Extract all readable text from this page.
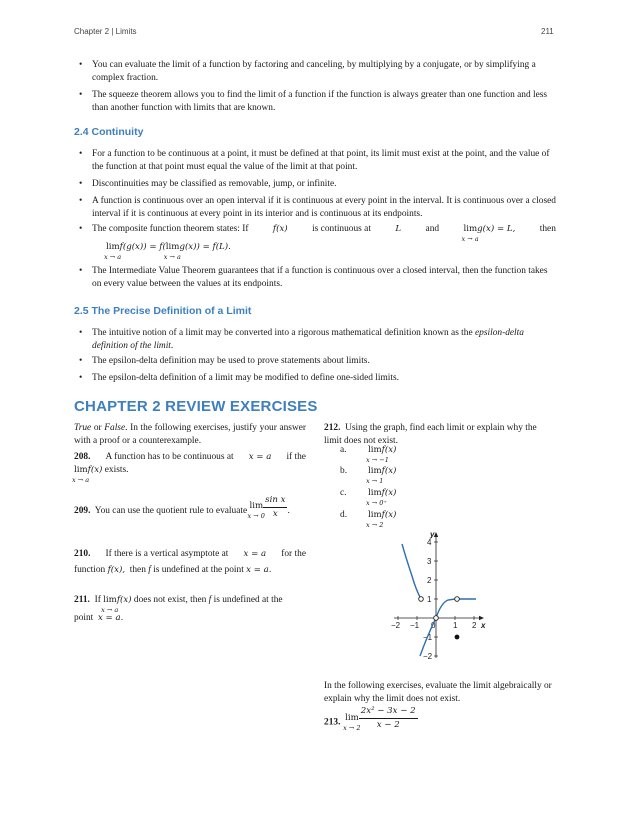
Chapter 2 | Limits	211
• You can evaluate the limit of a function by factoring and canceling, by multiplying by a conjugate, or by simplifying a complex fraction.
• The squeeze theorem allows you to find the limit of a function if the function is always greater than one function and less than another function with limits that are known.
2.4 Continuity
• For a function to be continuous at a point, it must be defined at that point, its limit must exist at the point, and the value of the function at that point must equal the value of the limit at that point.
• Discontinuities may be classified as removable, jump, or infinite.
• A function is continuous over an open interval if it is continuous at every point in the interval. It is continuous over a closed interval if it is continuous at every point in its interior and is continuous at its endpoints.
• The composite function theorem states: If	f(x)	is continuous at	L	and	lim
x → a
g(x) = L,	then
lim
x → a
f(g(x)) = f(lim
x → a
g(x)) = f(L).
• The Intermediate Value Theorem guarantees that if a function is continuous over a closed interval, then the function takes on every value between the values at its endpoints.
2.5 The Precise Definition of a Limit
• The intuitive notion of a limit may be converted into a rigorous mathematical definition known as the epsilon-delta definition of the limit.
• The epsilon-delta definition may be used to prove statements about limits.
• The epsilon-delta definition of a limit may be modified to define one-sided limits.
CHAPTER 2 REVIEW EXERCISES
True or False. In the following exercises, justify your answer with a proof or a counterexample.
208. A function has to be continuous at x = a if the
lim
x → a
f(x) exists.
209. You can use the quotient rule to evaluate lim
x → 0
$\frac{\text{sin x}}{x}$ .
210. If there is a vertical asymptote at x = a for the
function f(x), then f is undefined at the point x = a.
211. If lim
x → a
f(x) does not exist, then f is undefined at the
point x = a.
212. Using the graph, find each limit or explain why the limit does not exist.
a. lim
x → −1
f(x)
b. lim
x → 1
f(x)
c. lim
x → 0⁺
f(x)
d. lim
x → 2
f(x)
−2 −1 0 1 2
4
3
2
1
−1
−2
x
y
In the following exercises, evaluate the limit algebraically or explain why the limit does not exist.
213. lim
x → 2
$\frac{\text{2x² − 3x − 2}}{x - 2}$
